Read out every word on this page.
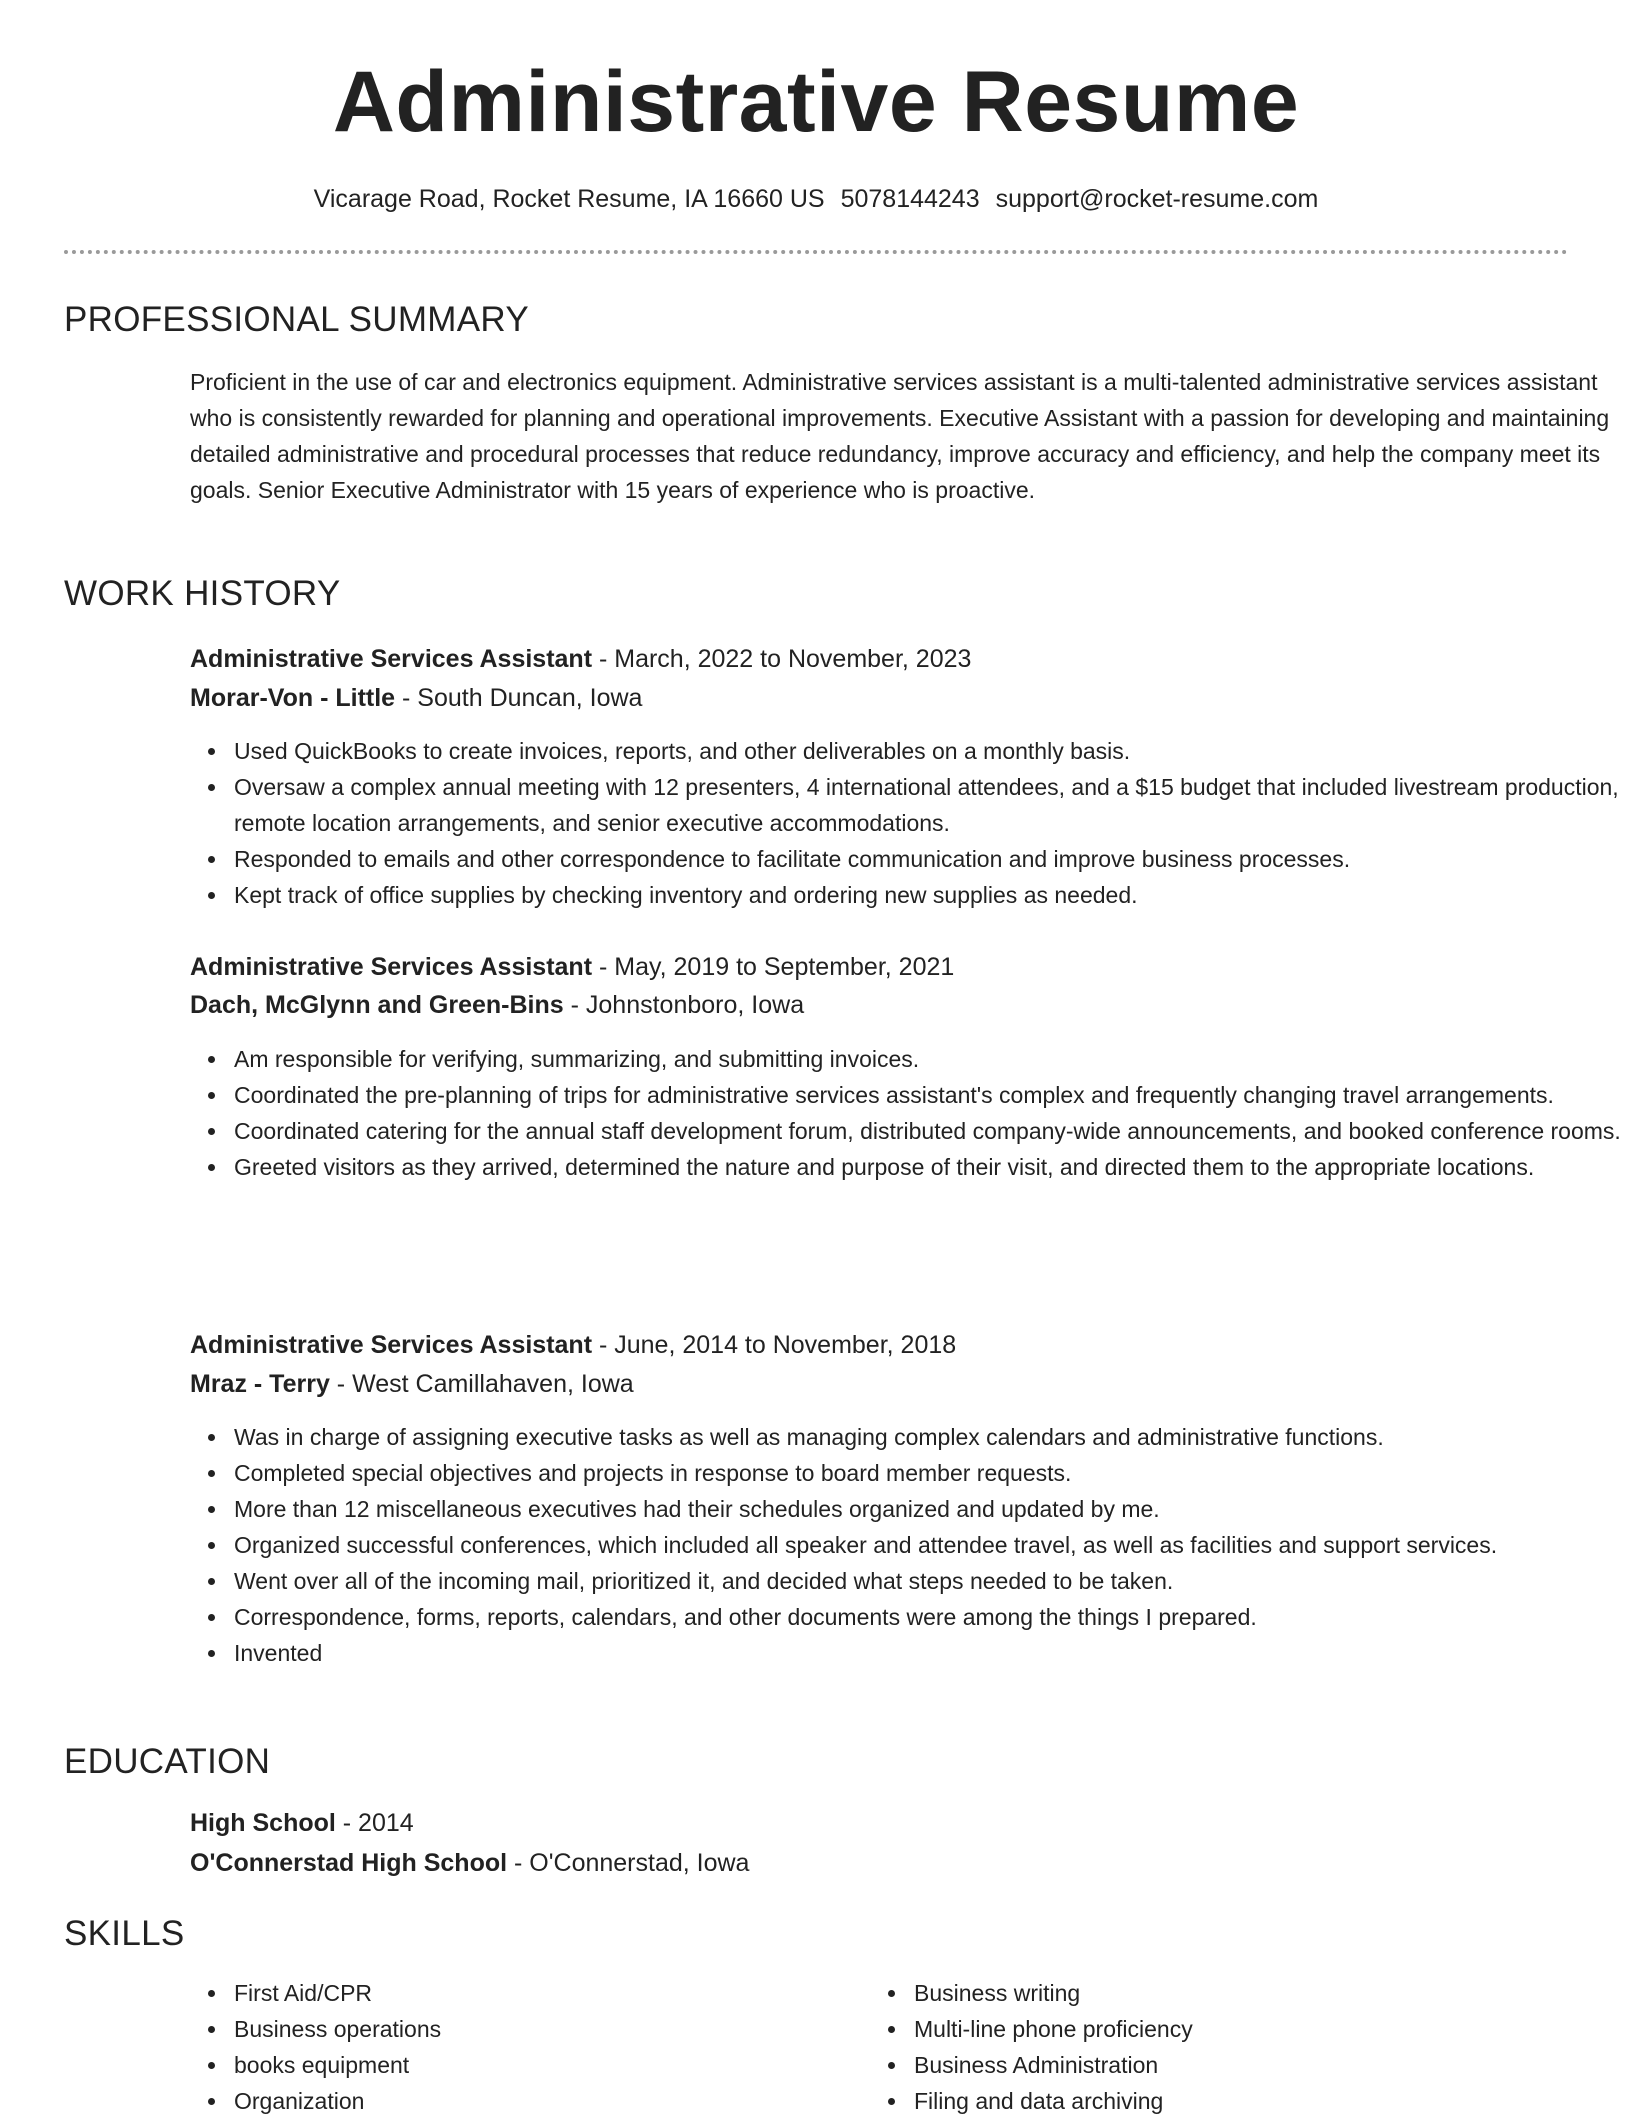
Administrative Resume
Vicarage Road, Rocket Resume, IA 16660 US 5078144243 support@rocket-resume.com
PROFESSIONAL SUMMARY
Proficient in the use of car and electronics equipment. Administrative services assistant is a multi-talented administrative services assistant who is consistently rewarded for planning and operational improvements. Executive Assistant with a passion for developing and maintaining detailed administrative and procedural processes that reduce redundancy, improve accuracy and efficiency, and help the company meet its goals. Senior Executive Administrator with 15 years of experience who is proactive.
WORK HISTORY
Administrative Services Assistant - March, 2022 to November, 2023
Morar-Von - Little - South Duncan, Iowa
Used QuickBooks to create invoices, reports, and other deliverables on a monthly basis.
Oversaw a complex annual meeting with 12 presenters, 4 international attendees, and a $15 budget that included livestream production, remote location arrangements, and senior executive accommodations.
Responded to emails and other correspondence to facilitate communication and improve business processes.
Kept track of office supplies by checking inventory and ordering new supplies as needed.
Administrative Services Assistant - May, 2019 to September, 2021
Dach, McGlynn and Green-Bins - Johnstonboro, Iowa
Am responsible for verifying, summarizing, and submitting invoices.
Coordinated the pre-planning of trips for administrative services assistant's complex and frequently changing travel arrangements.
Coordinated catering for the annual staff development forum, distributed company-wide announcements, and booked conference rooms.
Greeted visitors as they arrived, determined the nature and purpose of their visit, and directed them to the appropriate locations.
Administrative Services Assistant - June, 2014 to November, 2018
Mraz - Terry - West Camillahaven, Iowa
Was in charge of assigning executive tasks as well as managing complex calendars and administrative functions.
Completed special objectives and projects in response to board member requests.
More than 12 miscellaneous executives had their schedules organized and updated by me.
Organized successful conferences, which included all speaker and attendee travel, as well as facilities and support services.
Went over all of the incoming mail, prioritized it, and decided what steps needed to be taken.
Correspondence, forms, reports, calendars, and other documents were among the things I prepared.
Invented
EDUCATION
High School - 2014
O'Connerstad High School - O'Connerstad, Iowa
SKILLS
First Aid/CPR
Business operations
books equipment
Organization
Business writing
Multi-line phone proficiency
Business Administration
Filing and data archiving
